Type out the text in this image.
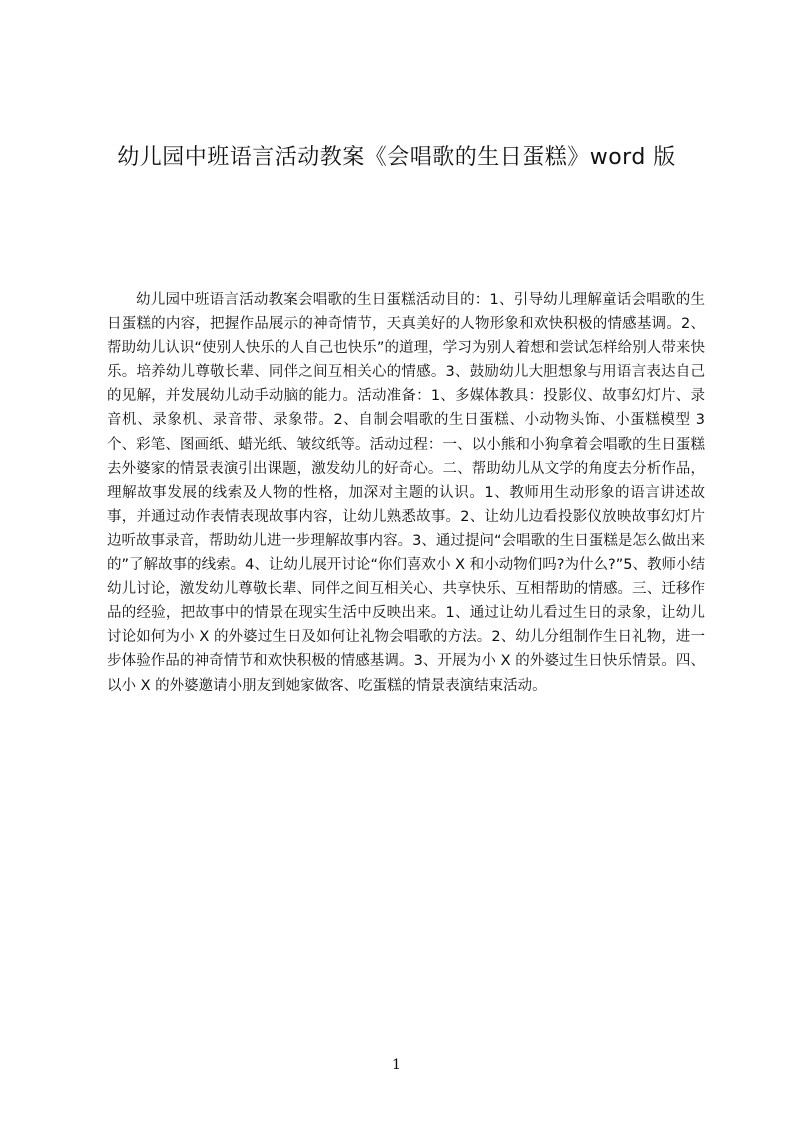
幼儿园中班语言活动教案《会唱歌的生日蛋糕》word 版

幼儿园中班语言活动教案会唱歌的生日蛋糕活动目的：1、引导幼儿理解童话会唱歌的生日蛋糕的内容，把握作品展示的神奇情节，天真美好的人物形象和欢快积极的情感基调。2、帮助幼儿认识“使别人快乐的人自己也快乐”的道理，学习为别人着想和尝试怎样给别人带来快乐。培养幼儿尊敬长辈、同伴之间互相关心的情感。3、鼓励幼儿大胆想象与用语言表达自己的见解，并发展幼儿动手动脑的能力。活动准备：1、多媒体教具：投影仪、故事幻灯片、录音机、录象机、录音带、录象带。2、自制会唱歌的生日蛋糕、小动物头饰、小蛋糕模型 3 个、彩笔、图画纸、蜡光纸、皱纹纸等。活动过程：一、以小熊和小狗拿着会唱歌的生日蛋糕去外婆家的情景表演引出课题，激发幼儿的好奇心。二、帮助幼儿从文学的角度去分析作品，理解故事发展的线索及人物的性格，加深对主题的认识。1、教师用生动形象的语言讲述故事，并通过动作表情表现故事内容，让幼儿熟悉故事。2、让幼儿边看投影仪放映故事幻灯片边听故事录音，帮助幼儿进一步理解故事内容。3、通过提问“会唱歌的生日蛋糕是怎么做出来的”了解故事的线索。4、让幼儿展开讨论“你们喜欢小 X 和小动物们吗?为什么?”5、教师小结幼儿讨论，激发幼儿尊敬长辈、同伴之间互相关心、共享快乐、互相帮助的情感。三、迁移作品的经验，把故事中的情景在现实生活中反映出来。1、通过让幼儿看过生日的录象，让幼儿讨论如何为小 X 的外婆过生日及如何让礼物会唱歌的方法。2、幼儿分组制作生日礼物，进一步体验作品的神奇情节和欢快积极的情感基调。3、开展为小 X 的外婆过生日快乐情景。四、以小 X 的外婆邀请小朋友到她家做客、吃蛋糕的情景表演结束活动。

1
